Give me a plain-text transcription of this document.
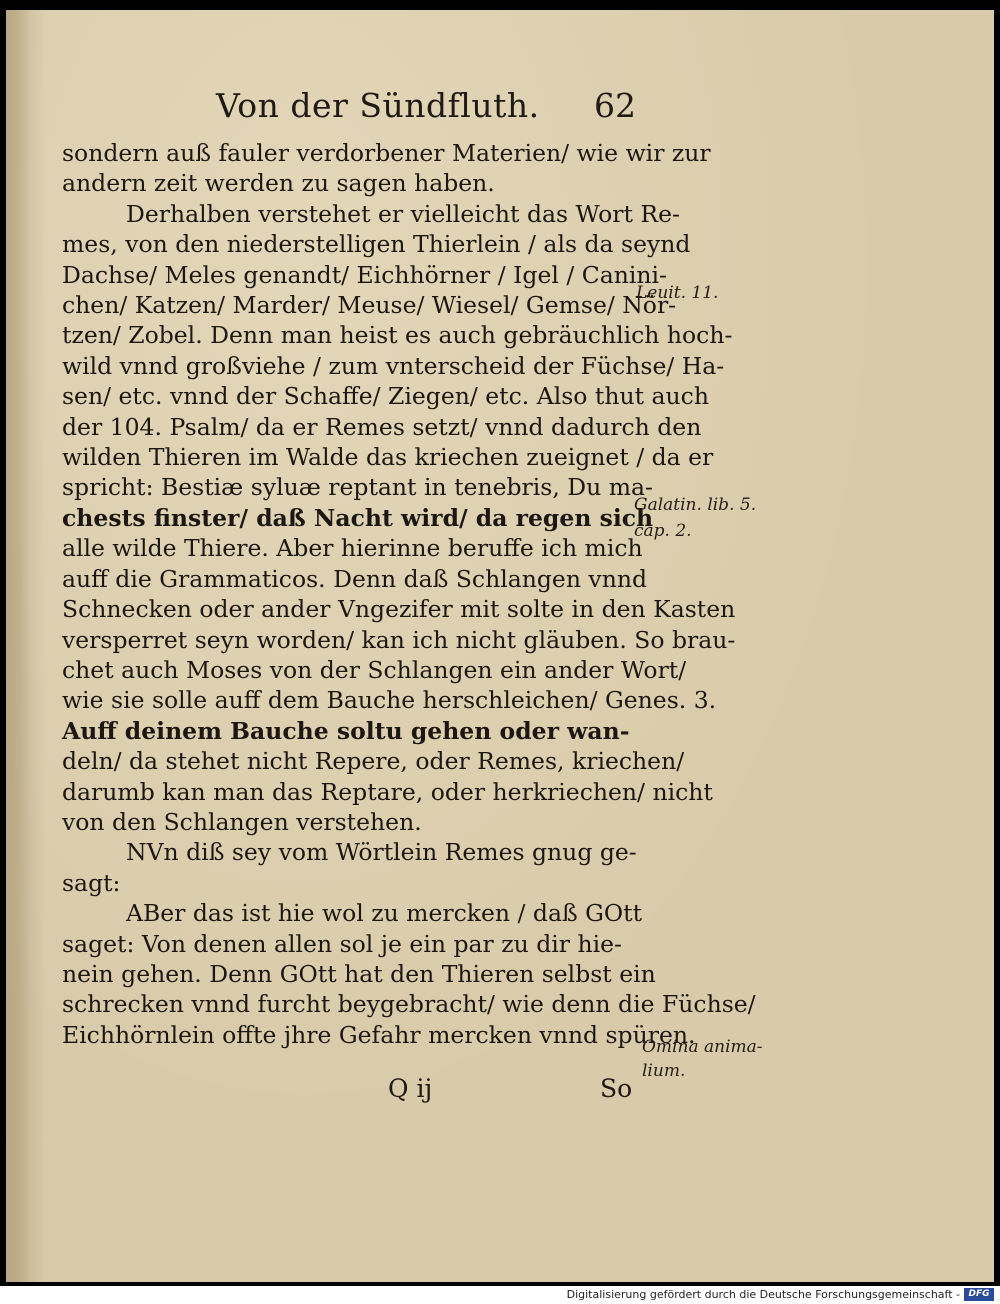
Von der Sündfluth. 62
sondern auß fauler verdorbener Materien/ wie wir zur
andern zeit werden zu sagen haben.
Derhalben verstehet er vielleicht das Wort Re-
mes, von den niederstelligen Thierlein / als da seynd
Dachse/ Meles genandt/ Eichhörner / Igel / Canini-
chen/ Katzen/ Marder/ Meuse/ Wiesel/ Gemse/ Nör-
tzen/ Zobel. Denn man heist es auch gebräuchlich hoch-
wild vnnd großviehe / zum vnterscheid der Füchse/ Ha-
sen/ etc. vnnd der Schaffe/ Ziegen/ etc. Also thut auch
der 104. Psalm/ da er Remes setzt/ vnnd dadurch den
wilden Thieren im Walde das kriechen zueignet / da er
spricht: Bestiæ syluæ reptant in tenebris, Du ma-
chests finster/ daß Nacht wird/ da regen sich
alle wilde Thiere. Aber hierinne beruffe ich mich
auff die Grammaticos. Denn daß Schlangen vnnd
Schnecken oder ander Vngezifer mit solte in den Kasten
versperret seyn worden/ kan ich nicht gläuben. So brau-
chet auch Moses von der Schlangen ein ander Wort/
wie sie solle auff dem Bauche herschleichen/ Genes. 3.
Auff deinem Bauche soltu gehen oder wan-
deln/ da stehet nicht Repere, oder Remes, kriechen/
darumb kan man das Reptare, oder herkriechen/ nicht
von den Schlangen verstehen.
NVn diß sey vom Wörtlein Remes gnug ge-
sagt:
ABer das ist hie wol zu mercken / daß GOtt
saget: Von denen allen sol je ein par zu dir hie-
nein gehen. Denn GOtt hat den Thieren selbst ein
schrecken vnnd furcht beygebracht/ wie denn die Füchse/
Eichhörnlein offte jhre Gefahr mercken vnnd spüren.
Leuit. 11.
Galatin. lib. 5.
cap. 2.
Omina anima-
lium.
Q ij	So
Digitalisierung gefördert durch die Deutsche Forschungsgemeinschaft - DFG
